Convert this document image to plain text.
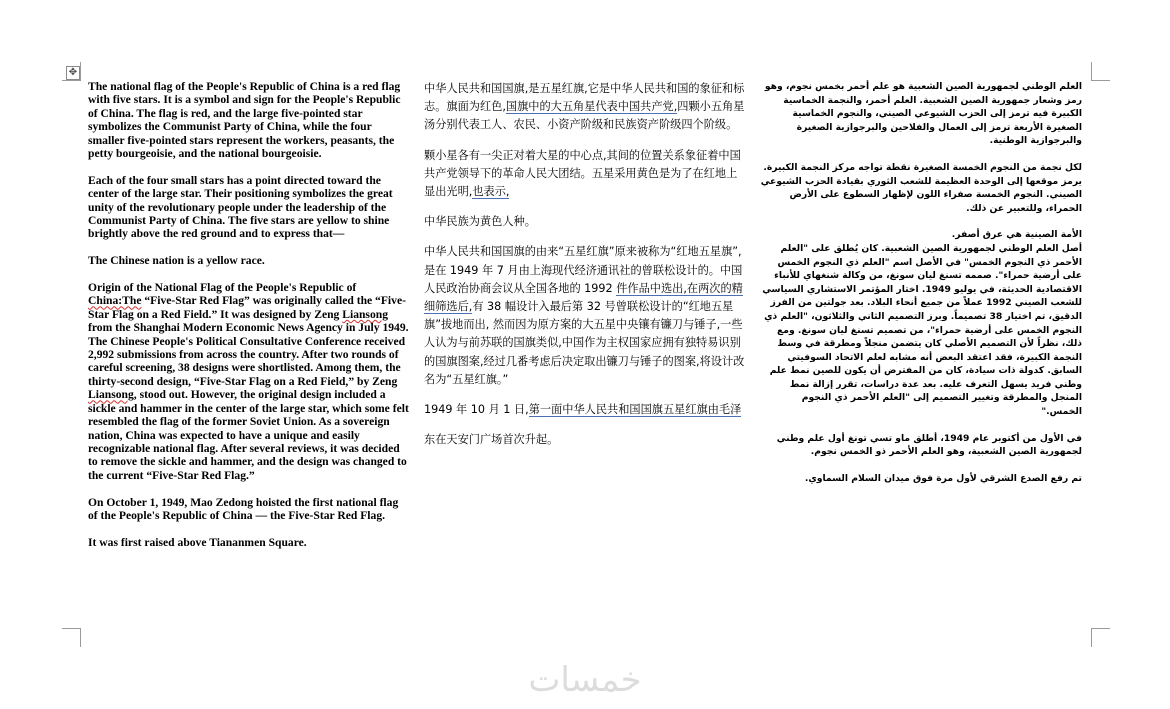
✥

The national flag of the People's Republic of China is a red flag with five stars. It is a symbol and sign for the People's Republic of China. The flag is red, and the large five-pointed star symbolizes the Communist Party of China, while the four smaller five-pointed stars represent the workers, peasants, the petty bourgeoisie, and the national bourgeoisie.

Each of the four small stars has a point directed toward the center of the large star. Their positioning symbolizes the great unity of the revolutionary people under the leadership of the Communist Party of China. The five stars are yellow to shine brightly above the red ground and to express that—

The Chinese nation is a yellow race.

Origin of the National Flag of the People's Republic of China:The “Five-Star Red Flag” was originally called the “Five-Star Flag on a Red Field.” It was designed by Zeng Liansong from the Shanghai Modern Economic News Agency in July 1949. The Chinese People's Political Consultative Conference received 2,992 submissions from across the country. After two rounds of careful screening, 38 designs were shortlisted. Among them, the thirty-second design, “Five-Star Flag on a Red Field,” by Zeng Liansong, stood out. However, the original design included a sickle and hammer in the center of the large star, which some felt resembled the flag of the former Soviet Union. As a sovereign nation, China was expected to have a unique and easily recognizable national flag. After several reviews, it was decided to remove the sickle and hammer, and the design was changed to the current “Five-Star Red Flag.”

On October 1, 1949, Mao Zedong hoisted the first national flag of the People's Republic of China — the Five-Star Red Flag.

It was first raised above Tiananmen Square.

中华人民共和国国旗,是五星红旗,它是中华人民共和国的象征和标志。旗面为红色,国旗中的大五角星代表中国共产党,四颗小五角星汤分别代表工人、农民、小资产阶级和民族资产阶级四个阶级。

颗小星各有一尖正对着大星的中心点,其间的位置关系象征着中国共产党领导下的革命人民大团结。五星采用黄色是为了在红地上显出光明,也表示,

中华民族为黄色人种。

中华人民共和国国旗的由来“五星红旗”原来被称为“红地五星旗”,是在 1949 年 7 月由上海现代经济通讯社的曾联松设计的。中国人民政治协商会议从全国各地的 1992 件作品中选出,在两次的精细筛选后,有 38 幅设计入最后第 32 号曾联松设计的“红地五星旗”拔地而出, 然而因为原方案的大五星中央镶有镰刀与锤子,一些人认为与前苏联的国旗类似,中国作为主权国家应拥有独特易识别的国旗图案,经过几番考虑后决定取出镰刀与锤子的图案,将设计改名为“五星红旗。”

1949 年 10 月 1 日,第一面中华人民共和国国旗五星红旗由毛泽

东在天安门广场首次升起。

العلم الوطني لجمهورية الصين الشعبية هو علم أحمر بخمس نجوم، وهو رمز وشعار جمهورية الصين الشعبية. العلم أحمر، والنجمة الخماسية الكبيرة فيه ترمز إلى الحزب الشيوعي الصيني، والنجوم الخماسية الصغيرة الأربعة ترمز إلى العمال والفلاحين والبرجوازية الصغيرة والبرجوازية الوطنية.

لكل نجمة من النجوم الخمسة الصغيرة نقطة تواجه مركز النجمة الكبيرة. يرمز موقعها إلى الوحدة العظيمة للشعب الثوري بقيادة الحزب الشيوعي الصيني. النجوم الخمسة صفراء اللون لإظهار السطوع على الأرض الحمراء، وللتعبير عن ذلك.

الأمة الصينية هي عرق أصفر.
أصل العلم الوطني لجمهورية الصين الشعبية. كان يُطلق على "العلم الأحمر ذي النجوم الخمس" في الأصل اسم "العلم ذي النجوم الخمس على أرضية حمراء". صممه تسنغ ليان سونغ، من وكالة شنغهاي للأنباء الاقتصادية الحديثة، في يوليو 1949. اختار المؤتمر الاستشاري السياسي للشعب الصيني 1992 عملاً من جميع أنحاء البلاد. بعد جولتين من الفرز الدقيق، تم اختيار 38 تصميماً. وبرز التصميم الثاني والثلاثون، "العلم ذي النجوم الخمس على أرضية حمراء"، من تصميم تسنغ ليان سونغ. ومع ذلك، نظراً لأن التصميم الأصلي كان يتضمن منجلاً ومطرقة في وسط النجمة الكبيرة، فقد اعتقد البعض أنه مشابه لعلم الاتحاد السوفيتي السابق. كدولة ذات سيادة، كان من المفترض أن يكون للصين نمط علم وطني فريد يسهل التعرف عليه. بعد عدة دراسات، تقرر إزالة نمط المنجل والمطرقة وتغيير التصميم إلى "العلم الأحمر ذي النجوم الخمس."

في الأول من أكتوبر عام 1949، أطلق ماو تسي تونغ أول علم وطني لجمهورية الصين الشعبية، وهو العلم الأحمر ذو الخمس نجوم.

تم رفع الصدع الشرقي لأول مرة فوق ميدان السلام السماوي.

خمسات
